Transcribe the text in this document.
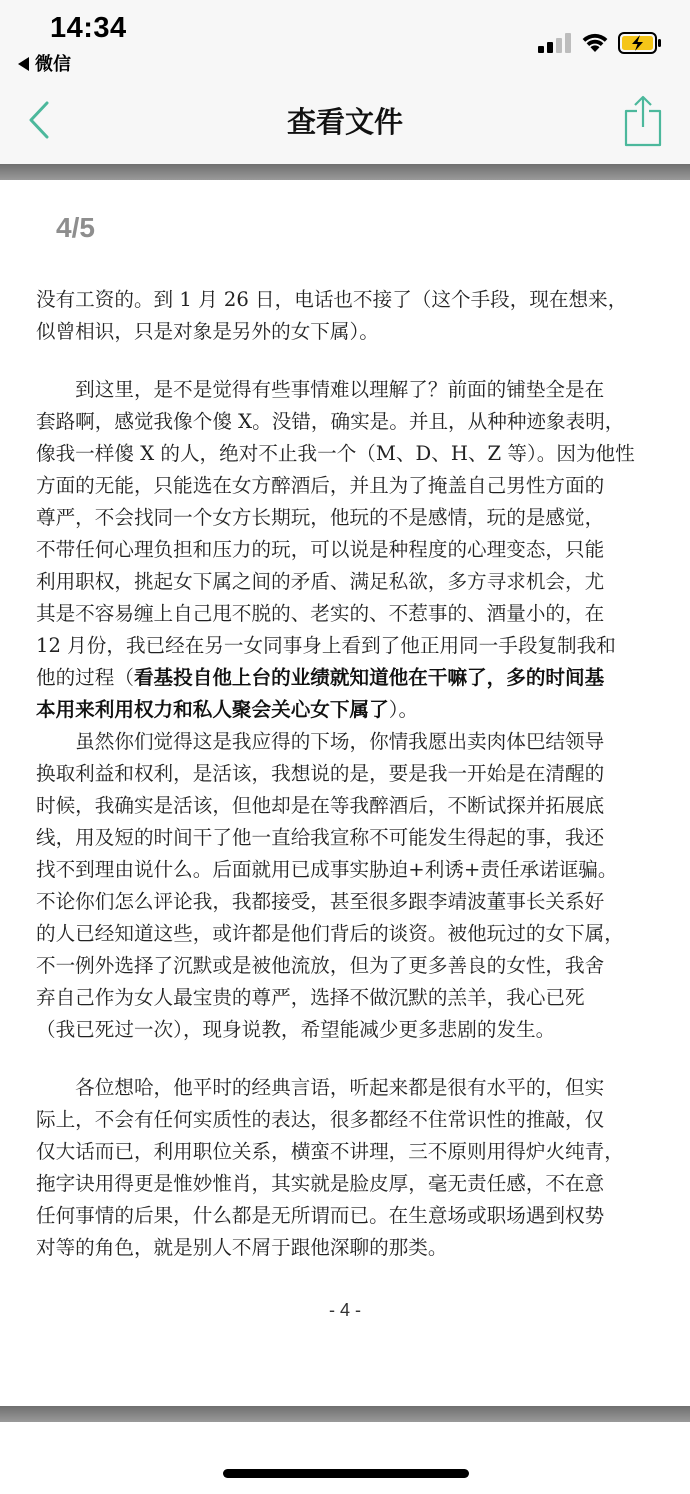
14:34
微信
查看文件
4/5

没有工资的。到 1 月 26 日，电话也不接了（这个手段，现在想来，

似曾相识，只是对象是另外的女下属）。

　　到这里，是不是觉得有些事情难以理解了？前面的铺垫全是在

套路啊，感觉我像个傻 X。没错，确实是。并且，从种种迹象表明，

像我一样傻 X 的人，绝对不止我一个（M、D、H、Z 等）。因为他性

方面的无能，只能选在女方醉酒后，并且为了掩盖自己男性方面的

尊严，不会找同一个女方长期玩，他玩的不是感情，玩的是感觉，

不带任何心理负担和压力的玩，可以说是种程度的心理变态，只能

利用职权，挑起女下属之间的矛盾、满足私欲，多方寻求机会，尤

其是不容易缠上自己甩不脱的、老实的、不惹事的、酒量小的，在

12 月份，我已经在另一女同事身上看到了他正用同一手段复制我和

他的过程（看基投自他上台的业绩就知道他在干嘛了，多的时间基

本用来利用权力和私人聚会关心女下属了）。

　　虽然你们觉得这是我应得的下场，你情我愿出卖肉体巴结领导

换取利益和权利，是活该，我想说的是，要是我一开始是在清醒的

时候，我确实是活该，但他却是在等我醉酒后，不断试探并拓展底

线，用及短的时间干了他一直给我宣称不可能发生得起的事，我还

找不到理由说什么。后面就用已成事实胁迫+利诱+责任承诺诓骗。

不论你们怎么评论我，我都接受，甚至很多跟李靖波董事长关系好

的人已经知道这些，或许都是他们背后的谈资。被他玩过的女下属，

不一例外选择了沉默或是被他流放，但为了更多善良的女性，我舍

弃自己作为女人最宝贵的尊严，选择不做沉默的羔羊，我心已死

（我已死过一次），现身说教，希望能减少更多悲剧的发生。

　　各位想哈，他平时的经典言语，听起来都是很有水平的，但实

际上，不会有任何实质性的表达，很多都经不住常识性的推敲，仅

仅大话而已，利用职位关系，横蛮不讲理，三不原则用得炉火纯青，

拖字诀用得更是惟妙惟肖，其实就是脸皮厚，毫无责任感，不在意

任何事情的后果，什么都是无所谓而已。在生意场或职场遇到权势

对等的角色，就是别人不屑于跟他深聊的那类。

- 4 -
